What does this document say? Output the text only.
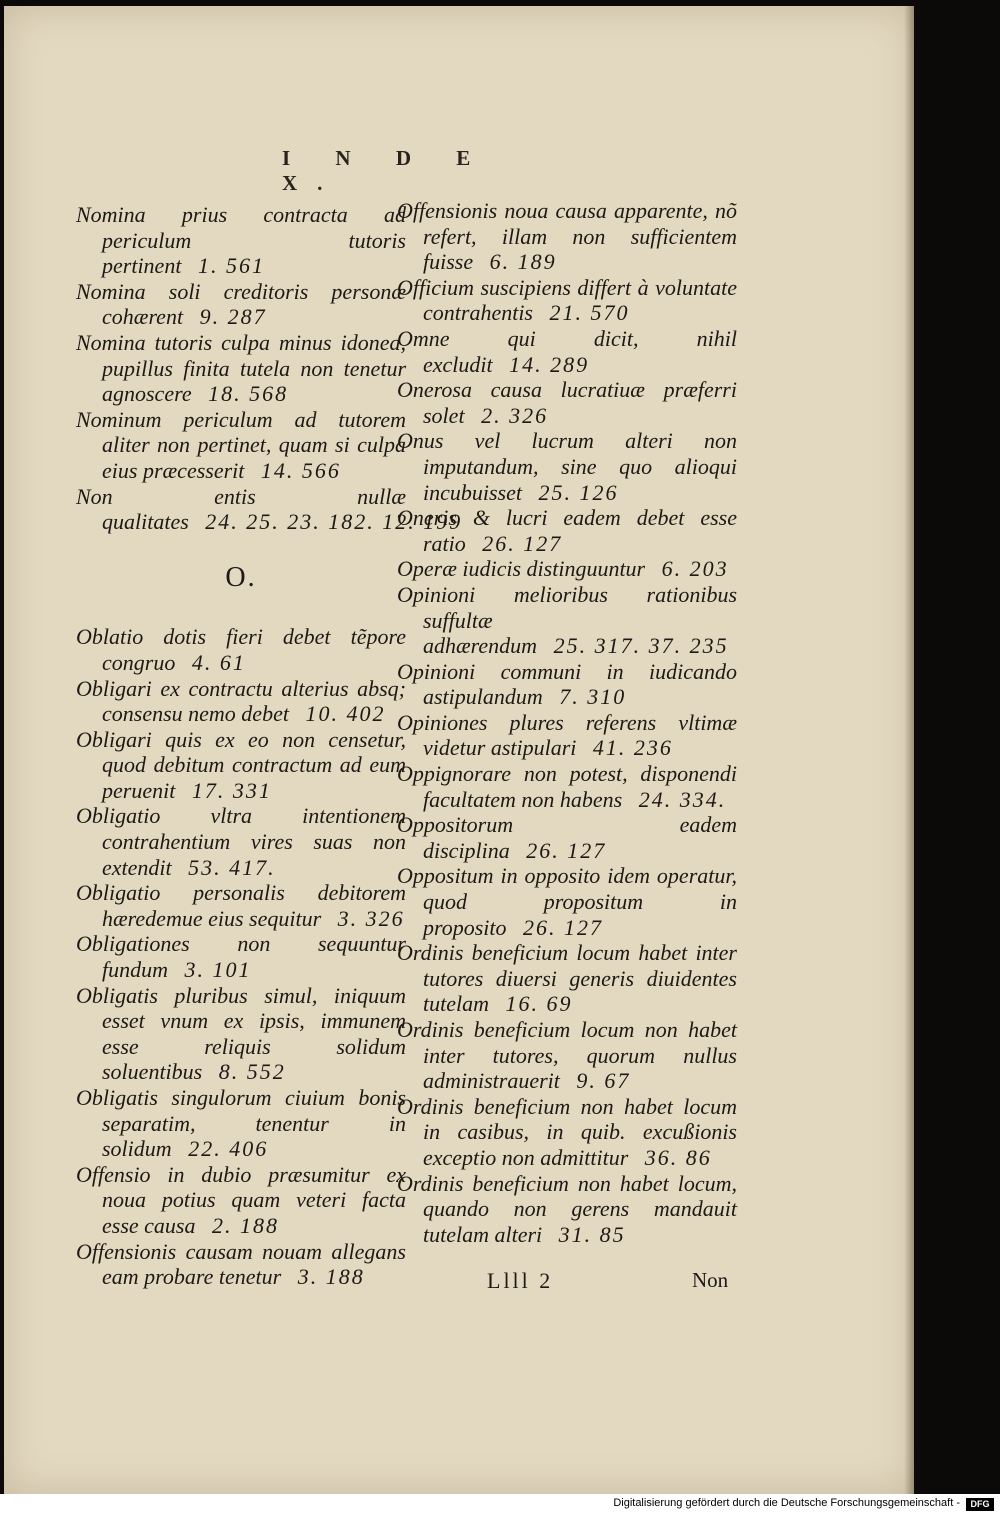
I N D E X.

Nomina prius contracta ad periculum tutoris pertinent 1. 561

Nomina soli creditoris personæ cohærent 9. 287

Nomina tutoris culpa minus idonea, pupillus finita tutela non tenetur agnoscere 18. 568

Nominum periculum ad tutorem aliter non pertinet, quam si culpa eius præcesserit 14. 566

Non entis nullæ qualitates 24. 25. 23. 182. 12. 199

O.

Oblatio dotis fieri debet tẽpore congruo 4. 61

Obligari ex contractu alterius absq; consensu nemo debet 10. 402

Obligari quis ex eo non censetur, quod debitum contractum ad eum peruenit 17. 331

Obligatio vltra intentionem contrahentium vires suas non extendit 53. 417.

Obligatio personalis debitorem hæredemue eius sequitur 3. 326

Obligationes non sequuntur fundum 3. 101

Obligatis pluribus simul, iniquum esset vnum ex ipsis, immunem esse reliquis solidum soluentibus 8. 552

Obligatis singulorum ciuium bonis separatim, tenentur in solidum 22. 406

Offensio in dubio præsumitur ex noua potius quam veteri facta esse causa 2. 188

Offensionis causam nouam allegans eam probare tenetur 3. 188

Offensionis noua causa apparente, nõ refert, illam non sufficientem fuisse 6. 189

Officium suscipiens differt à voluntate contrahentis 21. 570

Omne qui dicit, nihil excludit 14. 289

Onerosa causa lucratiuæ præferri solet 2. 326

Onus vel lucrum alteri non imputandum, sine quo alioqui incubuisset 25. 126

Oneris & lucri eadem debet esse ratio 26. 127

Operæ iudicis distinguuntur 6. 203

Opinioni melioribus rationibus suffultæ adhærendum 25. 317. 37. 235

Opinioni communi in iudicando astipulandum 7. 310

Opiniones plures referens vltimæ videtur astipulari 41. 236

Oppignorare non potest, disponendi facultatem non habens 24. 334.

Oppositorum eadem disciplina 26. 127

Oppositum in opposito idem operatur, quod propositum in proposito 26. 127

Ordinis beneficium locum habet inter tutores diuersi generis diuidentes tutelam 16. 69

Ordinis beneficium locum non habet inter tutores, quorum nullus administrauerit 9. 67

Ordinis beneficium non habet locum in casibus, in quib. excußionis exceptio non admittitur 36. 86

Ordinis beneficium non habet locum, quando non gerens mandauit tutelam alteri 31. 85

Llll 2	Non
Digitalisierung gefördert durch die Deutsche Forschungsgemeinschaft -	DFG
